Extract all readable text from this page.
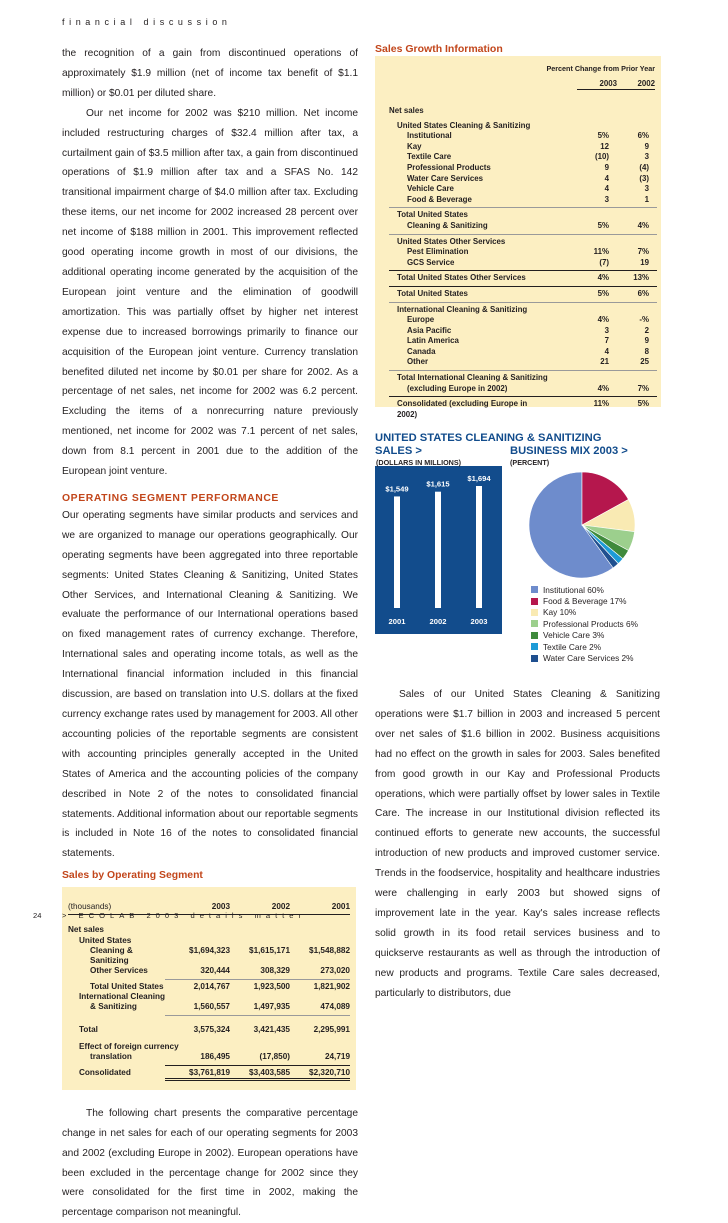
financial discussion

the recognition of a gain from discontinued operations of approximately $1.9 million (net of income tax benefit of $1.1 million) or $0.01 per diluted share.

Our net income for 2002 was $210 million. Net income included restructuring charges of $32.4 million after tax, a curtailment gain of $3.5 million after tax, a gain from discontinued operations of $1.9 million after tax and a SFAS No. 142 transitional impairment charge of $4.0 million after tax. Excluding these items, our net income for 2002 increased 28 percent over net income of $188 million in 2001. This improvement reflected good operating income growth in most of our divisions, the additional operating income generated by the acquisition of the European joint venture and the elimination of goodwill amortization. This was partially offset by higher net interest expense due to increased borrowings primarily to finance our acquisition of the European joint venture. Currency translation benefited diluted net income by $0.01 per share for 2002. As a percentage of net sales, net income for 2002 was 6.2 percent. Excluding the items of a nonrecurring nature previously mentioned, net income for 2002 was 7.1 percent of net sales, down from 8.1 percent in 2001 due to the addition of the European joint venture.

OPERATING SEGMENT PERFORMANCE

Our operating segments have similar products and services and we are organized to manage our operations geographically. Our operating segments have been aggregated into three reportable segments: United States Cleaning & Sanitizing, United States Other Services, and International Cleaning & Sanitizing. We evaluate the performance of our International operations based on fixed management rates of currency exchange. Therefore, International sales and operating income totals, as well as the International financial information included in this financial discussion, are based on translation into U.S. dollars at the fixed currency exchange rates used by management for 2003. All other accounting policies of the reportable segments are consistent with accounting principles generally accepted in the United States of America and the accounting policies of the company described in Note 2 of the notes to consolidated financial statements. Additional information about our reportable segments is included in Note 16 of the notes to consolidated financial statements.

Sales by Operating Segment
(thousands)	2003	2002	2001
Net sales
United States
Cleaning & Sanitizing
$1,694,323	$1,615,171	$1,548,882
Other Services	320,444	308,329	273,020
Total United States	2,014,767	1,923,500	1,821,902
International Cleaning
& Sanitizing	1,560,557	1,497,935	474,089
Total	3,575,324	3,421,435	2,295,991
Effect of foreign currency
translation	186,495	(17,850)	24,719
Consolidated	$3,761,819	$3,403,585	$2,320,710

The following chart presents the comparative percentage change in net sales for each of our operating segments for 2003 and 2002 (excluding Europe in 2002). European operations have been excluded in the percentage change for 2002 since they were consolidated for the first time in 2002, making the percentage comparison not meaningful.

Sales Growth Information
Percent Change from Prior Year
2003	2002
Net sales
United States Cleaning & Sanitizing
Institutional	5%	6%
Kay	12	9
Textile Care	(10)	3
Professional Products	9	(4)
Water Care Services	4	(3)
Vehicle Care	4	3
Food & Beverage	3	1
Total United States
Cleaning & Sanitizing	5%	4%
United States Other Services
Pest Elimination	11%	7%
GCS Service	(7)	19
Total United States Other Services	4%	13%
Total United States	5%	6%
International Cleaning & Sanitizing
Europe	4%	-%
Asia Pacific	3	2
Latin America	7	9
Canada	4	8
Other	21	25
Total International Cleaning & Sanitizing
(excluding Europe in 2002)	4%	7%
Consolidated (excluding Europe in 2002)
11%	5%
UNITED STATES CLEANING & SANITIZING
SALES >	BUSINESS MIX 2003 >
$1,549
2001
$1,615
2002
$1,694
2003
(DOLLARS IN MILLIONS)	(PERCENT)
Institutional 60%
Food & Beverage 17%
Kay 10%
Professional Products 6%
Vehicle Care 3%
Textile Care 2%
Water Care Services 2%

Sales of our United States Cleaning & Sanitizing operations were $1.7 billion in 2003 and increased 5 percent over net sales of $1.6 billion in 2002. Business acquisitions had no effect on the growth in sales for 2003. Sales benefited from good growth in our Kay and Professional Products operations, which were partially offset by lower sales in Textile Care. The increase in our Institutional division reflected its continued efforts to generate new accounts, the successful introduction of new products and improved customer service. Trends in the foodservice, hospitality and healthcare industries were challenging in early 2003 but showed signs of improvement late in the year. Kay's sales increase reflects solid growth in its food retail services business and to quickserve restaurants as well as through the introduction of new products and programs. Textile Care sales decreased, particularly to distributors, due

24	> ECOLAB 2003 details matter
